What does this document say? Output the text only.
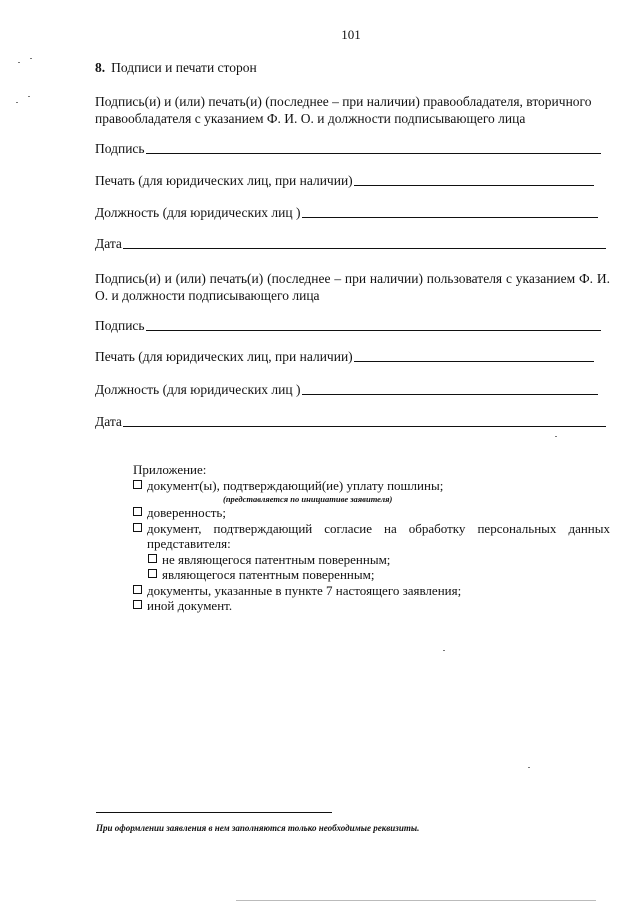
101
8. Подписи и печати сторон
Подпись(и) и (или) печать(и) (последнее – при наличии) правообладателя, вторичного правообладателя с указанием Ф. И. О. и должности подписывающего лица
Подпись
Печать (для юридических лиц, при наличии)
Должность (для юридических лиц )
Дата
Подпись(и) и (или) печать(и) (последнее – при наличии) пользователя с указанием Ф. И. О. и должности подписывающего лица
Подпись
Печать (для юридических лиц, при наличии)
Должность (для юридических лиц )
Дата
Приложение:
документ(ы), подтверждающий(ие) уплату пошлины;
(представляется по инициативе заявителя)
доверенность;
документ, подтверждающий согласие на обработку персональных данных представителя:
не являющегося патентным поверенным;
являющегося патентным поверенным;
документы, указанные в пункте 7 настоящего заявления;
иной документ.
При оформлении заявления в нем заполняются только необходимые реквизиты.
